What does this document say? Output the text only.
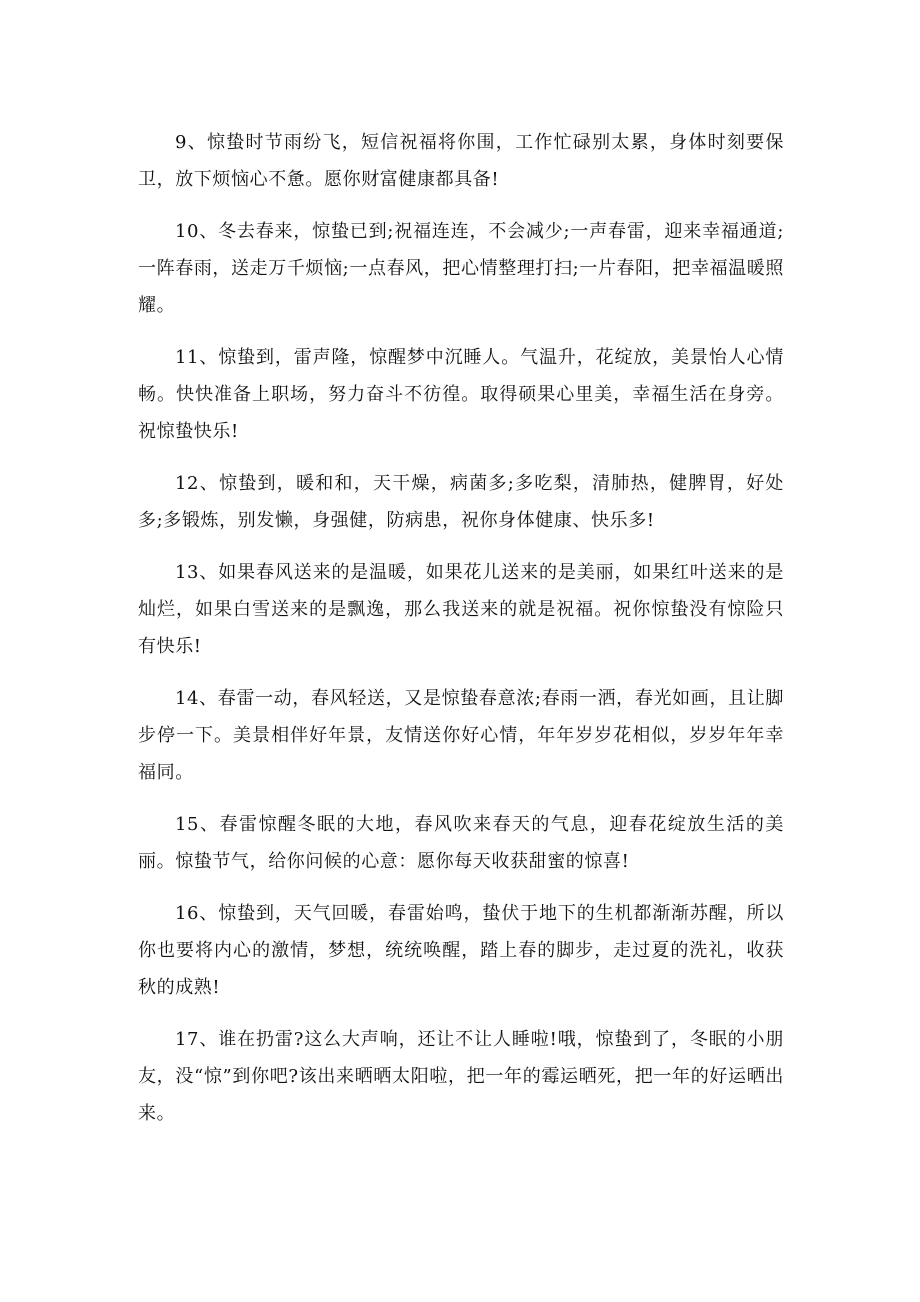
9、惊蛰时节雨纷飞，短信祝福将你围，工作忙碌别太累，身体时刻要保卫，放下烦恼心不惫。愿你财富健康都具备!

10、冬去春来，惊蛰已到;祝福连连，不会减少;一声春雷，迎来幸福通道;一阵春雨，送走万千烦恼;一点春风，把心情整理打扫;一片春阳，把幸福温暖照耀。

11、惊蛰到，雷声隆，惊醒梦中沉睡人。气温升，花绽放，美景怡人心情畅。快快准备上职场，努力奋斗不彷徨。取得硕果心里美，幸福生活在身旁。祝惊蛰快乐!

12、惊蛰到，暖和和，天干燥，病菌多;多吃梨，清肺热，健脾胃，好处多;多锻炼，别发懒，身强健，防病患，祝你身体健康、快乐多!

13、如果春风送来的是温暖，如果花儿送来的是美丽，如果红叶送来的是灿烂，如果白雪送来的是飘逸，那么我送来的就是祝福。祝你惊蛰没有惊险只有快乐!

14、春雷一动，春风轻送，又是惊蛰春意浓;春雨一洒，春光如画，且让脚步停一下。美景相伴好年景，友情送你好心情，年年岁岁花相似，岁岁年年幸福同。

15、春雷惊醒冬眠的大地，春风吹来春天的气息，迎春花绽放生活的美丽。惊蛰节气，给你问候的心意：愿你每天收获甜蜜的惊喜!

16、惊蛰到，天气回暖，春雷始鸣，蛰伏于地下的生机都渐渐苏醒，所以你也要将内心的激情，梦想，统统唤醒，踏上春的脚步，走过夏的洗礼，收获秋的成熟!

17、谁在扔雷?这么大声响，还让不让人睡啦!哦，惊蛰到了，冬眠的小朋友，没“惊”到你吧?该出来晒晒太阳啦，把一年的霉运晒死，把一年的好运晒出来。
